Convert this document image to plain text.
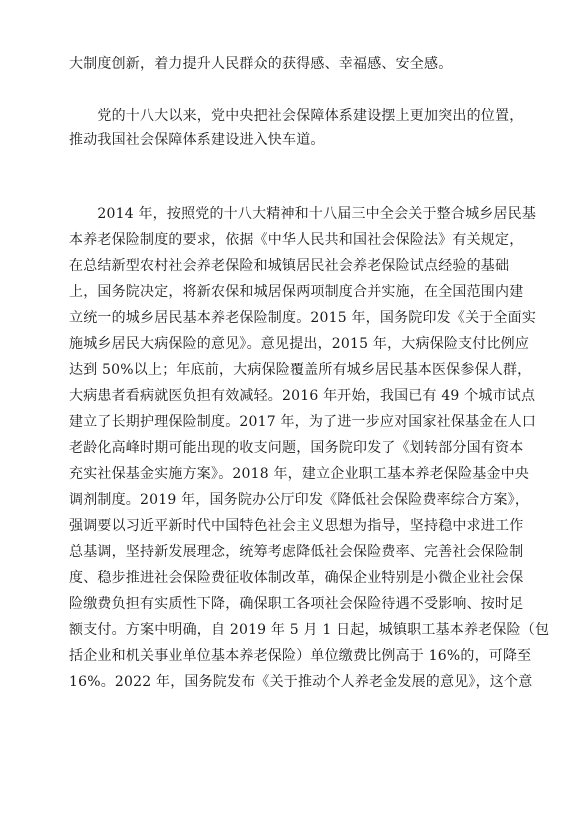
大制度创新，着力提升人民群众的获得感、幸福感、安全感。
　　党的十八大以来，党中央把社会保障体系建设摆上更加突出的位置，
推动我国社会保障体系建设进入快车道。
　　2014 年，按照党的十八大精神和十八届三中全会关于整合城乡居民基
本养老保险制度的要求，依据《中华人民共和国社会保险法》有关规定，
在总结新型农村社会养老保险和城镇居民社会养老保险试点经验的基础
上，国务院决定，将新农保和城居保两项制度合并实施，在全国范围内建
立统一的城乡居民基本养老保险制度。2015 年，国务院印发《关于全面实
施城乡居民大病保险的意见》。意见提出，2015 年，大病保险支付比例应
达到 50%以上；年底前，大病保险覆盖所有城乡居民基本医保参保人群，
大病患者看病就医负担有效减轻。2016 年开始，我国已有 49 个城市试点
建立了长期护理保险制度。2017 年，为了进一步应对国家社保基金在人口
老龄化高峰时期可能出现的收支问题，国务院印发了《划转部分国有资本
充实社保基金实施方案》。2018 年，建立企业职工基本养老保险基金中央
调剂制度。2019 年，国务院办公厅印发《降低社会保险费率综合方案》，
强调要以习近平新时代中国特色社会主义思想为指导，坚持稳中求进工作
总基调，坚持新发展理念，统筹考虑降低社会保险费率、完善社会保险制
度、稳步推进社会保险费征收体制改革，确保企业特别是小微企业社会保
险缴费负担有实质性下降，确保职工各项社会保险待遇不受影响、按时足
额支付。方案中明确，自 2019 年 5 月 1 日起，城镇职工基本养老保险（包
括企业和机关事业单位基本养老保险）单位缴费比例高于 16%的，可降至
16%。2022 年，国务院发布《关于推动个人养老金发展的意见》，这个意
